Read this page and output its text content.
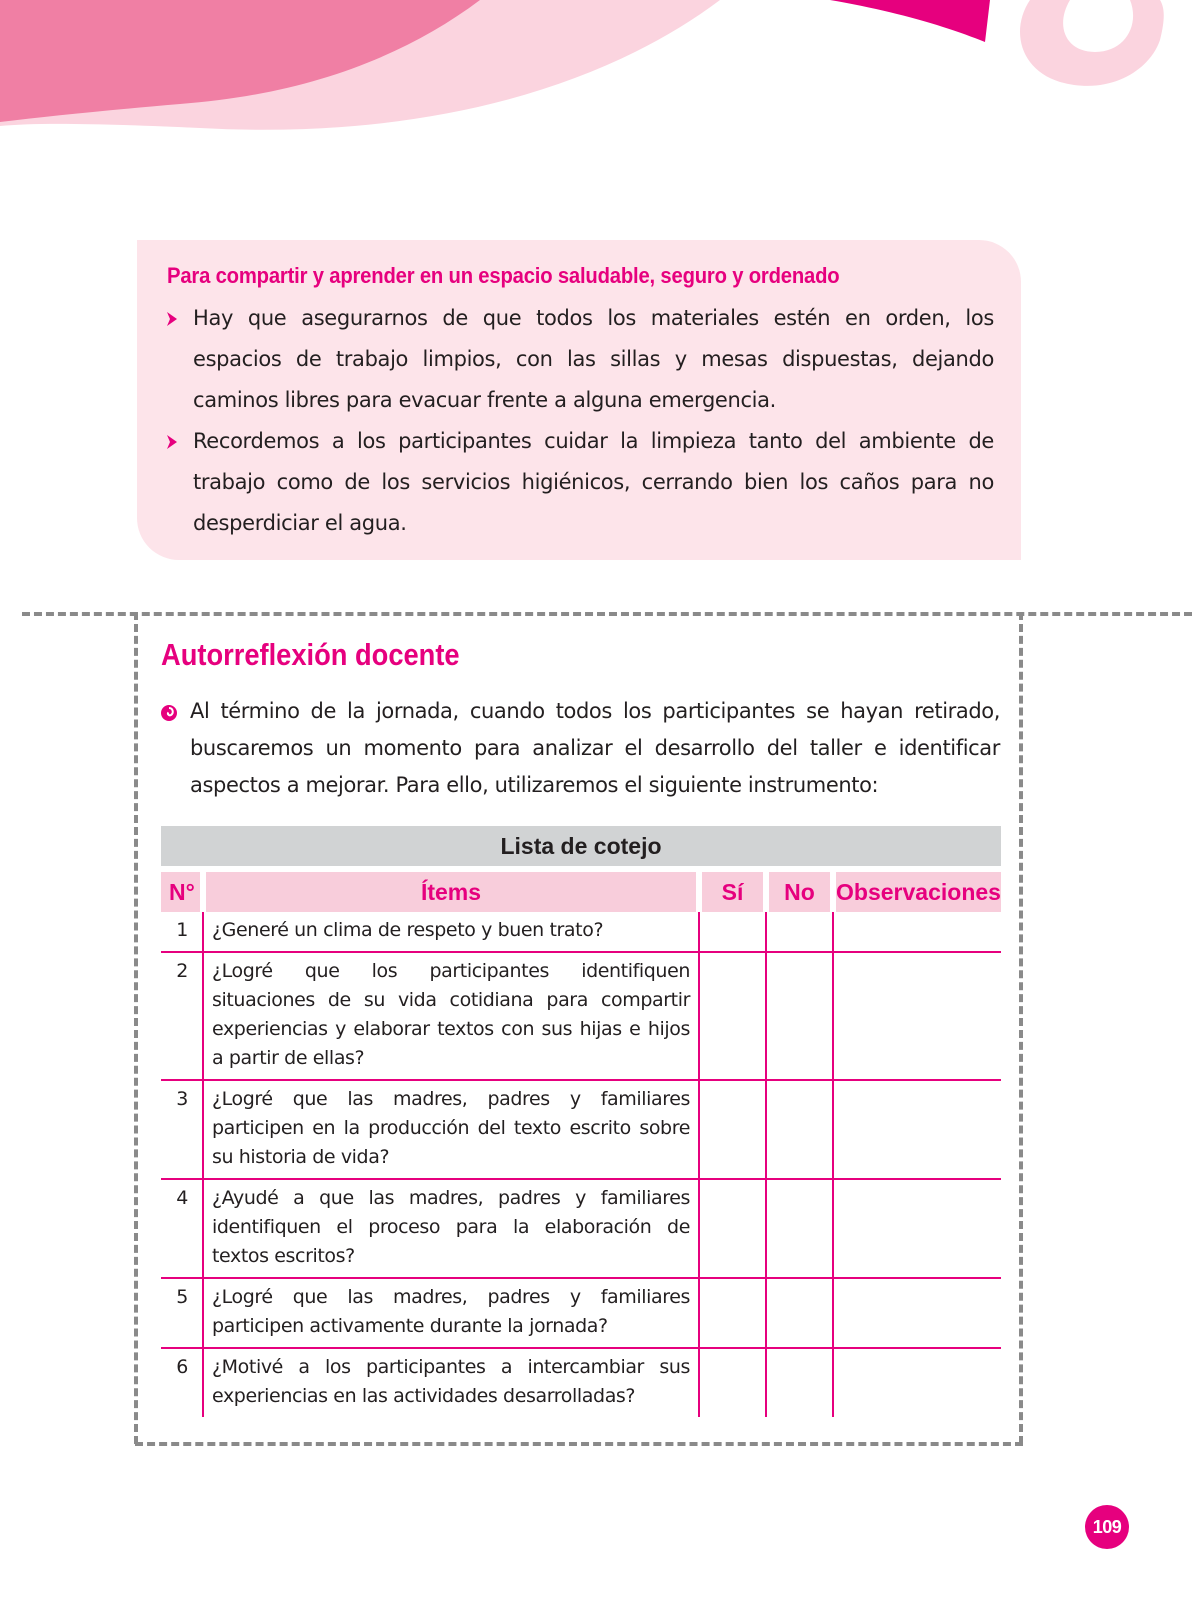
Para compartir y aprender en un espacio saludable, seguro y ordenado
Hay que asegurarnos de que todos los materiales estén en orden, los espacios de trabajo limpios, con las sillas y mesas dispuestas, dejando caminos libres para evacuar frente a alguna emergencia.
Recordemos a los participantes cuidar la limpieza tanto del ambiente de trabajo como de los servicios higiénicos, cerrando bien los caños para no desperdiciar el agua.
Autorreflexión docente
Al término de la jornada, cuando todos los participantes se hayan retirado, buscaremos un momento para analizar el desarrollo del taller e identificar aspectos a mejorar. Para ello, utilizaremos el siguiente instrumento:
Lista de cotejo
N°	Ítems	Sí	No	Observaciones
1	¿Generé un clima de respeto y buen trato?			
2	¿Logré que los participantes identifiquen situaciones de su vida cotidiana para compartir experiencias y elaborar textos con sus hijas e hijos a partir de ellas?			
3	¿Logré que las madres, padres y familiares participen en la producción del texto escrito sobre su historia de vida?			
4	¿Ayudé a que las madres, padres y familiares identifiquen el proceso para la elaboración de textos escritos?			
5	¿Logré que las madres, padres y familiares participen activamente durante la jornada?			
6	¿Motivé a los participantes a intercambiar sus experiencias en las actividades desarrolladas?			
109
